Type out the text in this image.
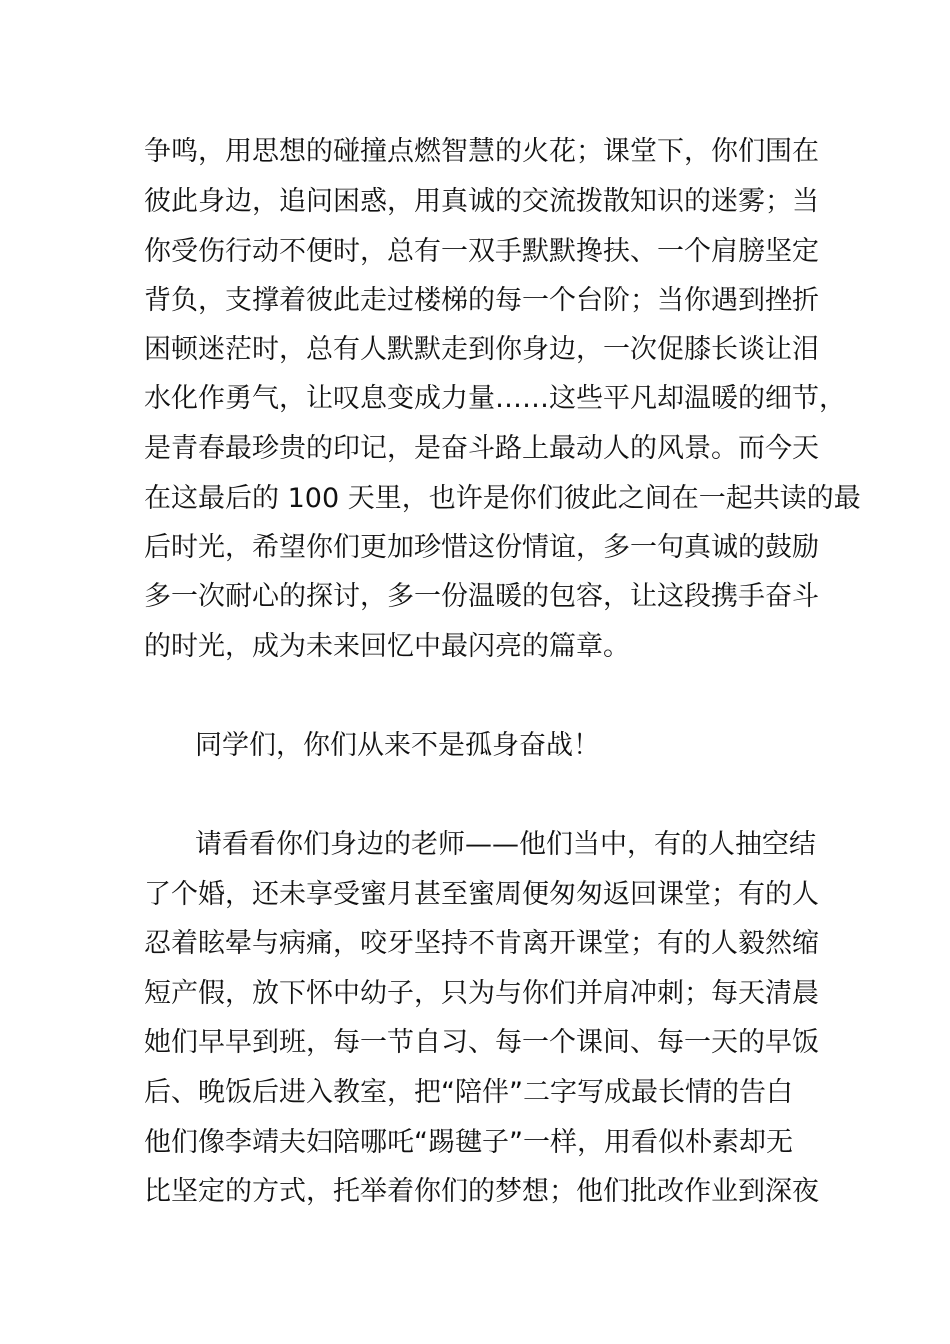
争鸣，用思想的碰撞点燃智慧的火花；课堂下，你们围在
彼此身边，追问困惑，用真诚的交流拨散知识的迷雾；当
你受伤行动不便时，总有一双手默默搀扶、一个肩膀坚定
背负，支撑着彼此走过楼梯的每一个台阶；当你遇到挫折
困顿迷茫时，总有人默默走到你身边，一次促膝长谈让泪
水化作勇气，让叹息变成力量……这些平凡却温暖的细节，
是青春最珍贵的印记，是奋斗路上最动人的风景。而今天
在这最后的 100 天里，也许是你们彼此之间在一起共读的最
后时光，希望你们更加珍惜这份情谊，多一句真诚的鼓励
多一次耐心的探讨，多一份温暖的包容，让这段携手奋斗
的时光，成为未来回忆中最闪亮的篇章。
同学们，你们从来不是孤身奋战！
请看看你们身边的老师——他们当中，有的人抽空结
了个婚，还未享受蜜月甚至蜜周便匆匆返回课堂；有的人
忍着眩晕与病痛，咬牙坚持不肯离开课堂；有的人毅然缩
短产假，放下怀中幼子，只为与你们并肩冲刺；每天清晨
她们早早到班，每一节自习、每一个课间、每一天的早饭
后、晚饭后进入教室，把“陪伴”二字写成最长情的告白
他们像李靖夫妇陪哪吒“踢毽子”一样，用看似朴素却无
比坚定的方式，托举着你们的梦想；他们批改作业到深夜
